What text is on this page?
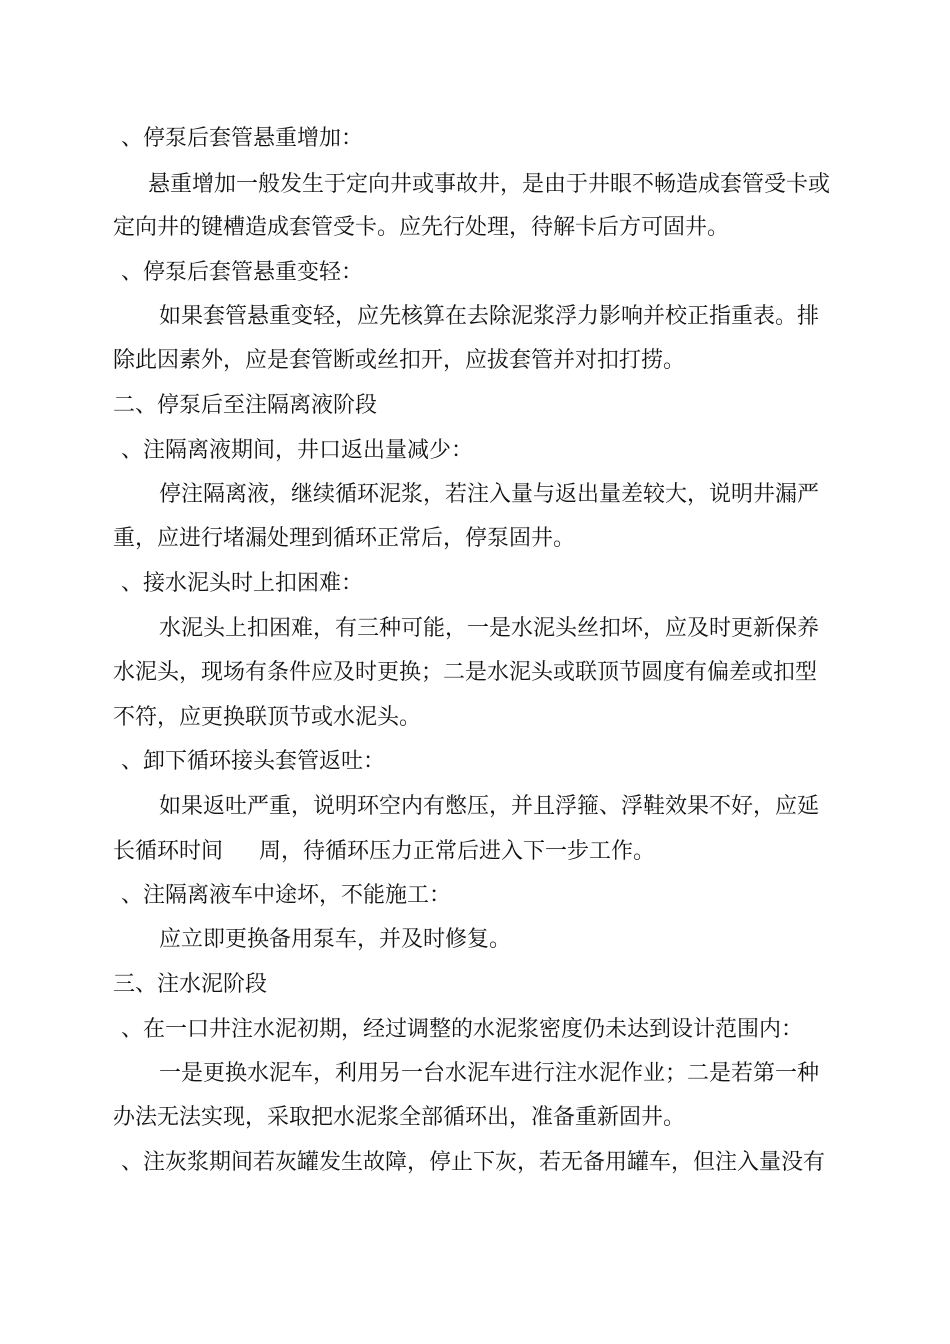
、停泵后套管悬重增加：
悬重增加一般发生于定向井或事故井，是由于井眼不畅造成套管受卡或
定向井的键槽造成套管受卡。应先行处理，待解卡后方可固井。
、停泵后套管悬重变轻：
如果套管悬重变轻，应先核算在去除泥浆浮力影响并校正指重表。排
除此因素外，应是套管断或丝扣开，应拔套管并对扣打捞。
二、停泵后至注隔离液阶段
、注隔离液期间，井口返出量减少：
停注隔离液，继续循环泥浆，若注入量与返出量差较大，说明井漏严
重，应进行堵漏处理到循环正常后，停泵固井。
、接水泥头时上扣困难：
水泥头上扣困难，有三种可能，一是水泥头丝扣坏，应及时更新保养
水泥头，现场有条件应及时更换；二是水泥头或联顶节圆度有偏差或扣型
不符，应更换联顶节或水泥头。
、卸下循环接头套管返吐：
如果返吐严重，说明环空内有憋压，并且浮箍、浮鞋效果不好，应延
长循环时间 周，待循环压力正常后进入下一步工作。
、注隔离液车中途坏，不能施工：
应立即更换备用泵车，并及时修复。
三、注水泥阶段
、在一口井注水泥初期，经过调整的水泥浆密度仍未达到设计范围内：
一是更换水泥车，利用另一台水泥车进行注水泥作业；二是若第一种
办法无法实现，采取把水泥浆全部循环出，准备重新固井。
、注灰浆期间若灰罐发生故障，停止下灰，若无备用罐车，但注入量没有
